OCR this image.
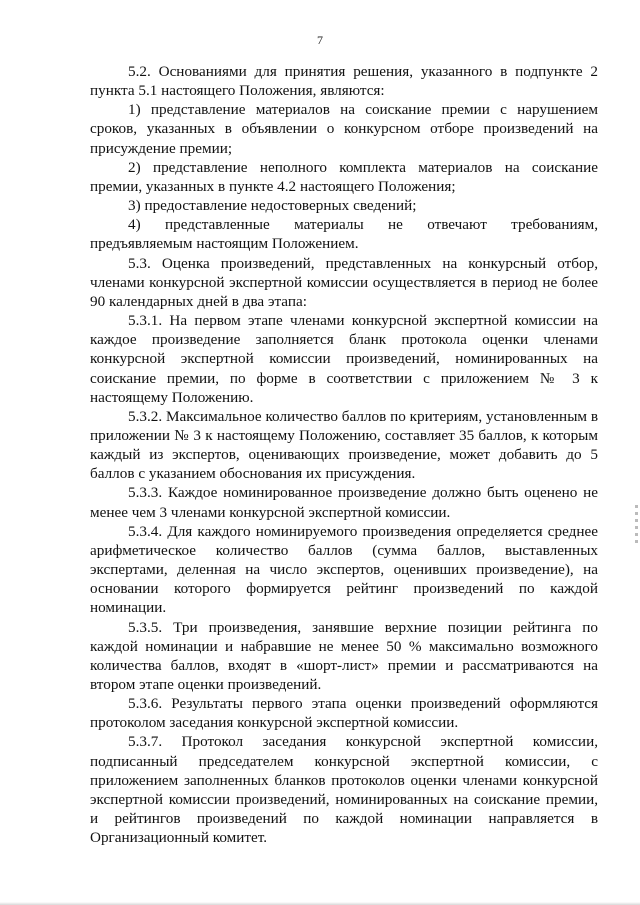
7

5.2. Основаниями для принятия решения, указанного в подпункте 2 пункта 5.1 настоящего Положения, являются:

1) представление материалов на соискание премии с нарушением сроков, указанных в объявлении о конкурсном отборе произведений на присуждение премии;

2) представление неполного комплекта материалов на соискание премии, указанных в пункте 4.2 настоящего Положения;

3) предоставление недостоверных сведений;

4) представленные материалы не отвечают требованиям, предъявляемым настоящим Положением.

5.3. Оценка произведений, представленных на конкурсный отбор, членами конкурсной экспертной комиссии осуществляется в период не более 90 календарных дней в два этапа:

5.3.1. На первом этапе членами конкурсной экспертной комиссии на каждое произведение заполняется бланк протокола оценки членами конкурсной экспертной комиссии произведений, номинированных на соискание премии, по форме в соответствии с приложением № 3 к настоящему Положению.

5.3.2. Максимальное количество баллов по критериям, установленным в приложении № 3 к настоящему Положению, составляет 35 баллов, к которым каждый из экспертов, оценивающих произведение, может добавить до 5 баллов с указанием обоснования их присуждения.

5.3.3. Каждое номинированное произведение должно быть оценено не менее чем 3 членами конкурсной экспертной комиссии.

5.3.4. Для каждого номинируемого произведения определяется среднее арифметическое количество баллов (сумма баллов, выставленных экспертами, деленная на число экспертов, оценивших произведение), на основании которого формируется рейтинг произведений по каждой номинации.

5.3.5. Три произведения, занявшие верхние позиции рейтинга по каждой номинации и набравшие не менее 50 % максимально возможного количества баллов, входят в «шорт-лист» премии и рассматриваются на втором этапе оценки произведений.

5.3.6. Результаты первого этапа оценки произведений оформляются протоколом заседания конкурсной экспертной комиссии.

5.3.7. Протокол заседания конкурсной экспертной комиссии, подписанный председателем конкурсной экспертной комиссии, с приложением заполненных бланков протоколов оценки членами конкурсной экспертной комиссии произведений, номинированных на соискание премии, и рейтингов произведений по каждой номинации направляется в Организационный комитет.
